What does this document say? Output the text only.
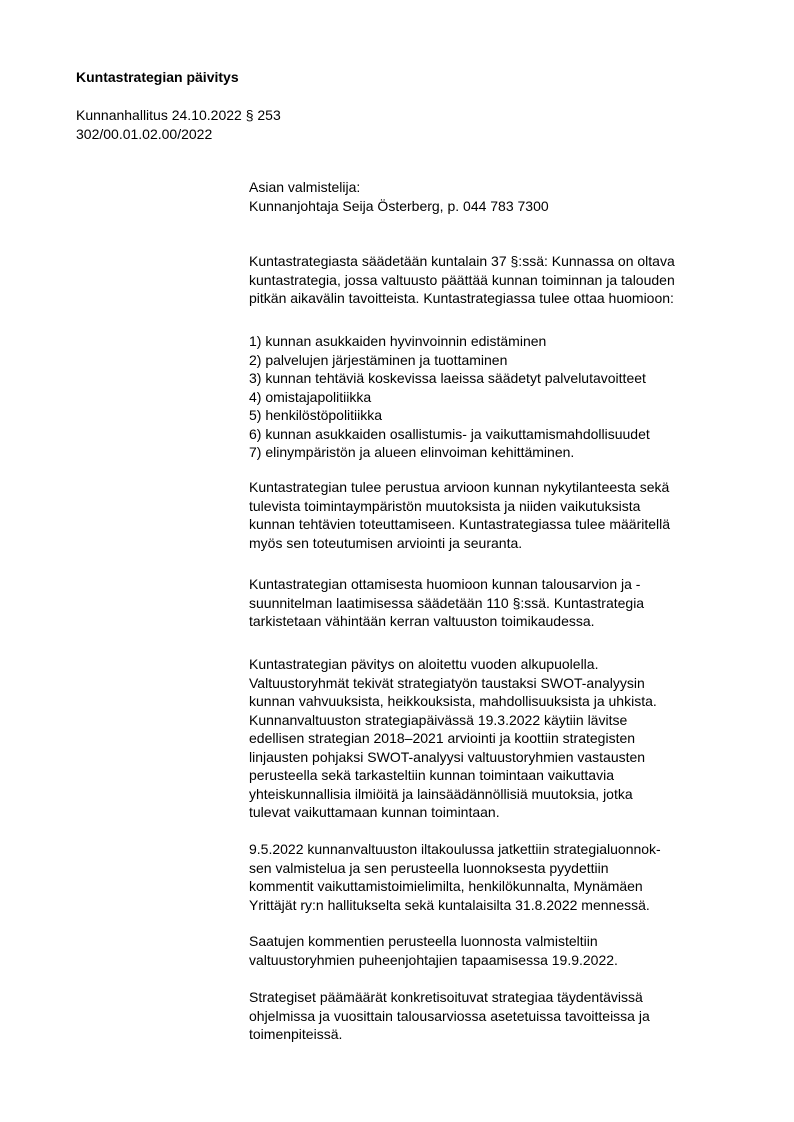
Kuntastrategian päivitys
Kunnanhallitus 24.10.2022 § 253
302/00.01.02.00/2022
Asian valmistelija:
Kunnanjohtaja Seija Österberg, p. 044 783 7300
Kuntastrategiasta säädetään kuntalain 37 §:ssä: Kunnassa on oltava
kuntastrategia, jossa valtuusto päättää kunnan toiminnan ja talouden
pitkän aikavälin tavoitteista. Kuntastrategiassa tulee ottaa huomioon:
1) kunnan asukkaiden hyvinvoinnin edistäminen
2) palvelujen järjestäminen ja tuottaminen
3) kunnan tehtäviä koskevissa laeissa säädetyt palvelutavoitteet
4) omistajapolitiikka
5) henkilöstöpolitiikka
6) kunnan asukkaiden osallistumis- ja vaikuttamismahdollisuudet
7) elinympäristön ja alueen elinvoiman kehittäminen.
Kuntastrategian tulee perustua arvioon kunnan nykytilanteesta sekä
tulevista toimintaympäristön muutoksista ja niiden vaikutuksista
kunnan tehtävien toteuttamiseen. Kuntastrategiassa tulee määritellä
myös sen toteutumisen arviointi ja seuranta.
Kuntastrategian ottamisesta huomioon kunnan talousarvion ja -
suunnitelman laatimisessa säädetään 110 §:ssä. Kuntastrategia
tarkistetaan vähintään kerran valtuuston toimikaudessa.
Kuntastrategian pävitys on aloitettu vuoden alkupuolella.
Valtuustoryhmät tekivät strategiatyön taustaksi SWOT-analyysin
kunnan vahvuuksista, heikkouksista, mahdollisuuksista ja uhkista.
Kunnanvaltuuston strategiapäivässä 19.3.2022 käytiin lävitse
edellisen strategian 2018–2021 arviointi ja koottiin strategisten
linjausten pohjaksi SWOT-analyysi valtuustoryhmien vastausten
perusteella sekä tarkasteltiin kunnan toimintaan vaikuttavia
yhteiskunnallisia ilmiöitä ja lainsäädännöllisiä muutoksia, jotka
tulevat vaikuttamaan kunnan toimintaan.
9.5.2022 kunnanvaltuuston iltakoulussa jatkettiin strategialuonnok-
sen valmistelua ja sen perusteella luonnoksesta pyydettiin
kommentit vaikuttamistoimielimilta, henkilökunnalta, Mynämäen
Yrittäjät ry:n hallitukselta sekä kuntalaisilta 31.8.2022 mennessä.
Saatujen kommentien perusteella luonnosta valmisteltiin
valtuustoryhmien puheenjohtajien tapaamisessa 19.9.2022.
Strategiset päämäärät konkretisoituvat strategiaa täydentävissä
ohjelmissa ja vuosittain talousarviossa asetetuissa tavoitteissa ja
toimenpiteissä.
